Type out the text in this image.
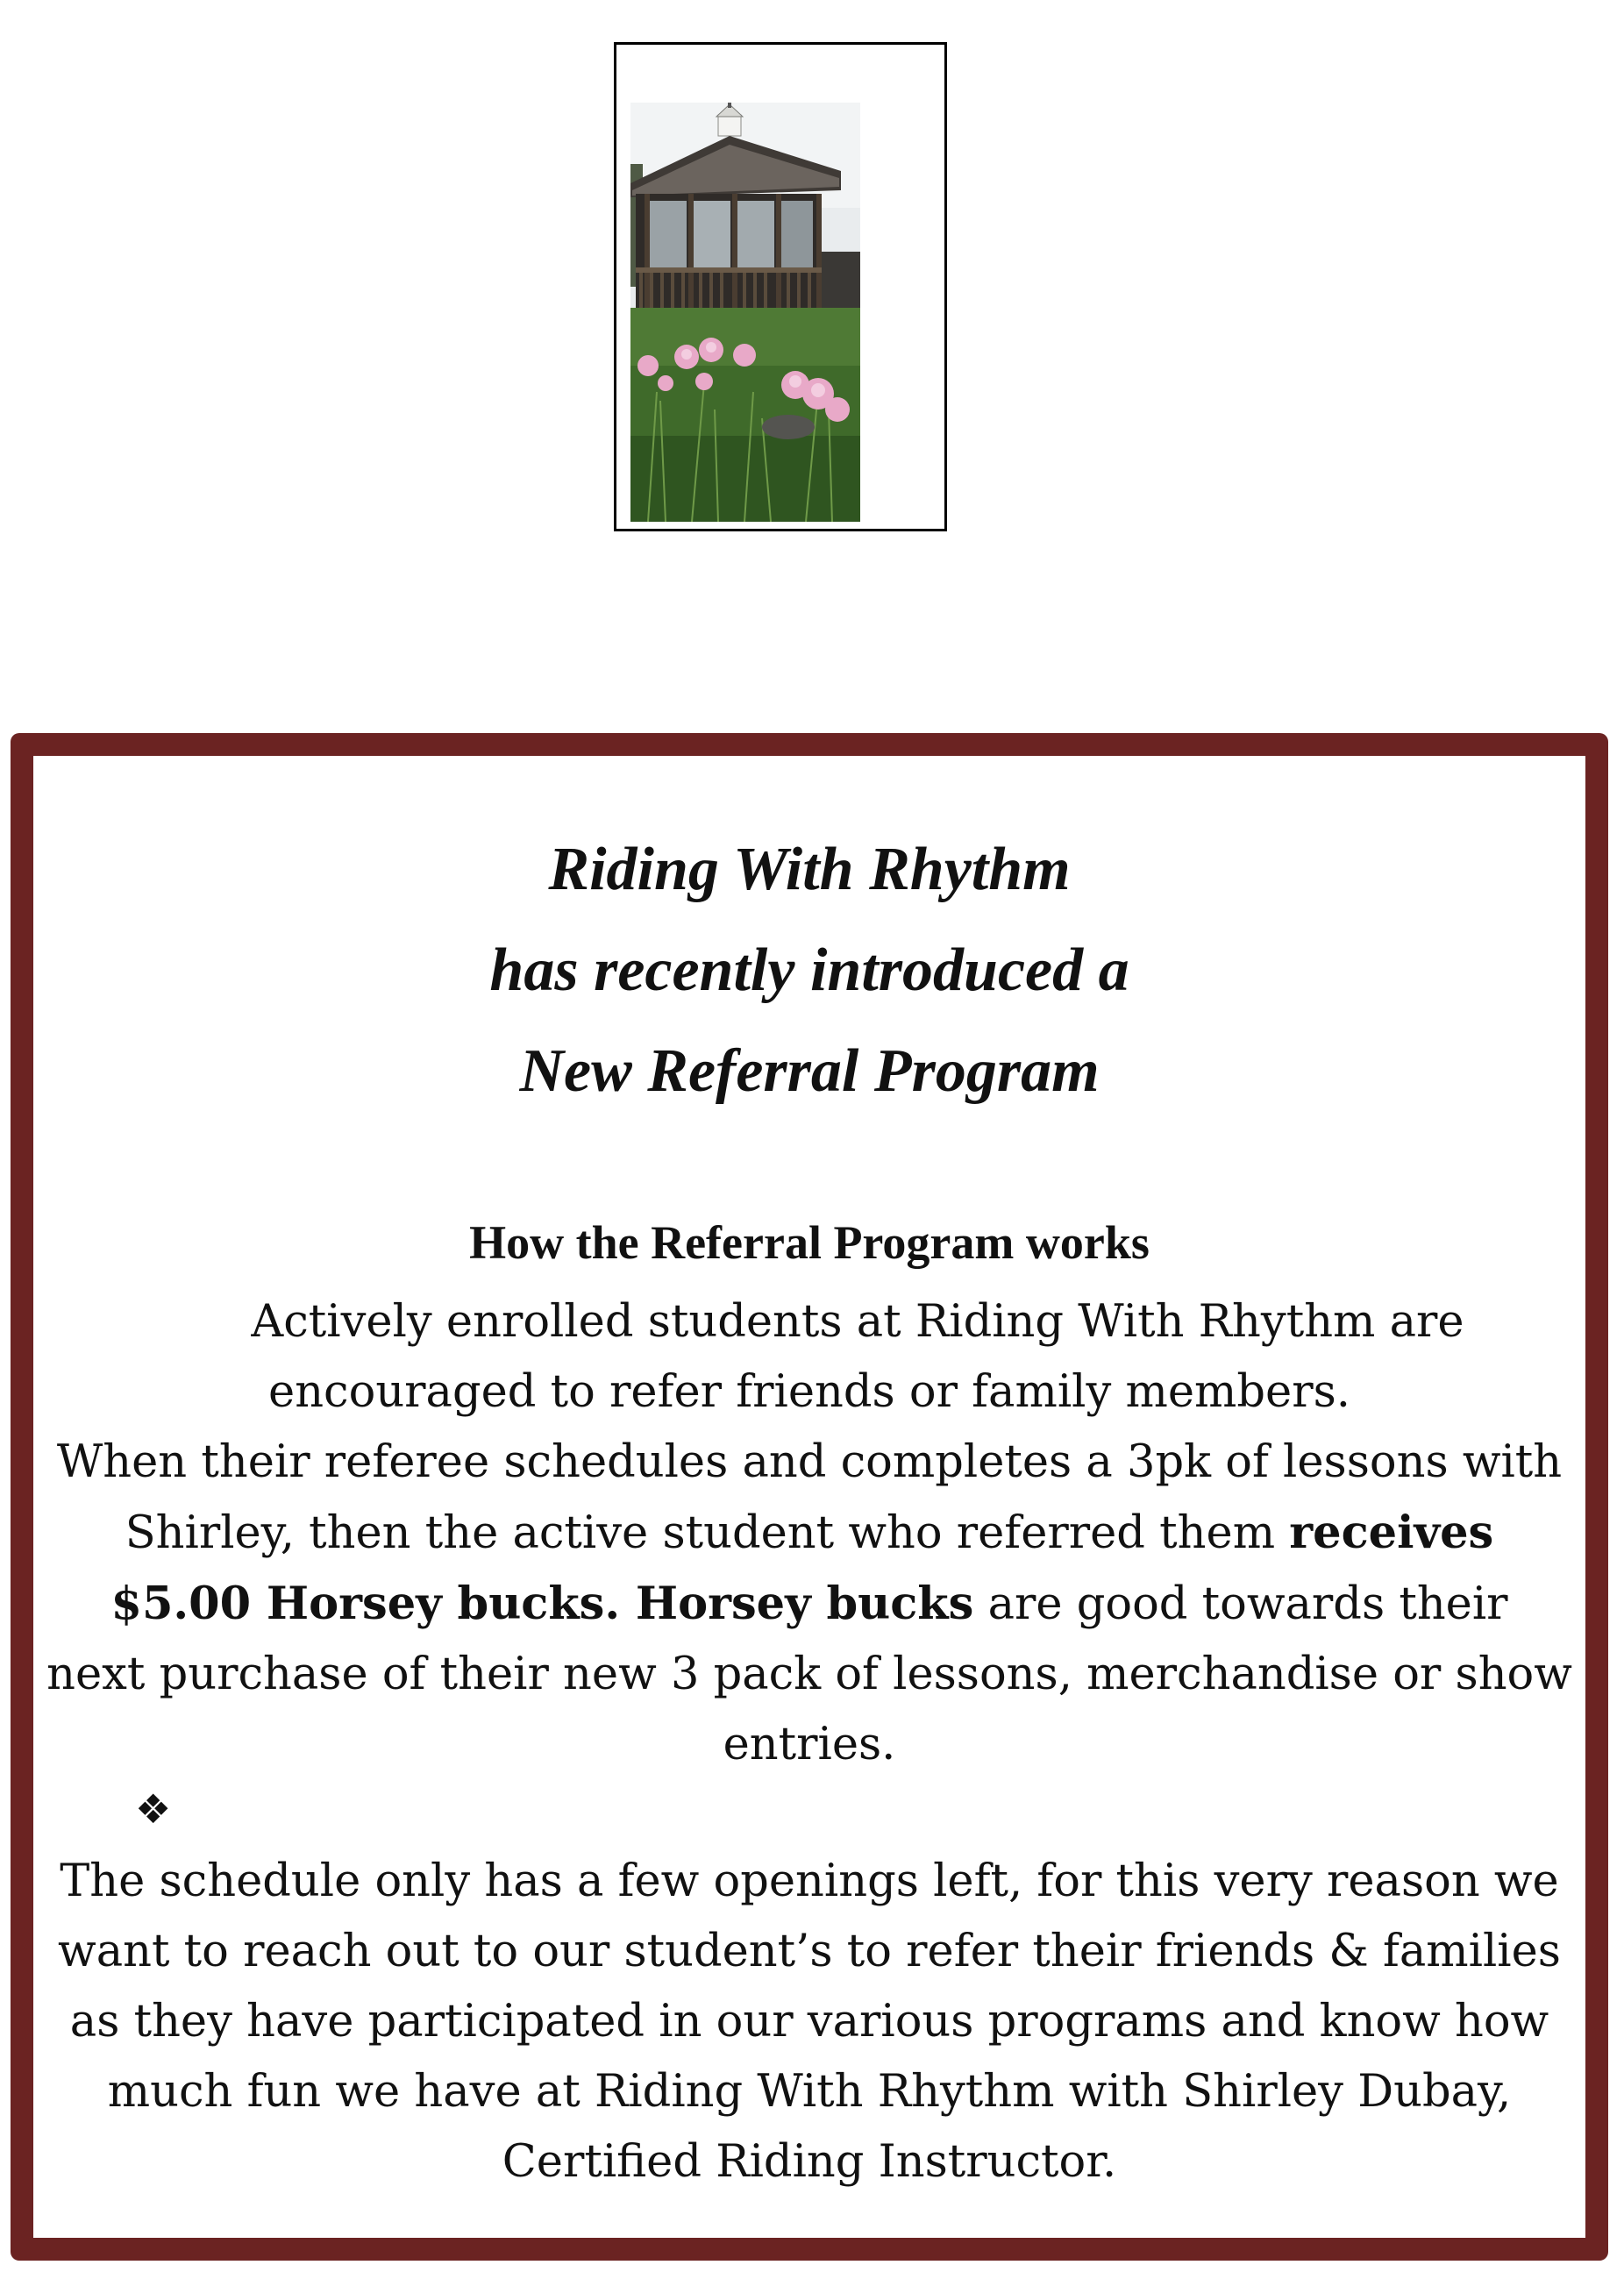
Riding With Rhythm
has recently introduced a
New Referral Program
How the Referral Program works
Actively enrolled students at Riding With Rhythm are
encouraged to refer friends or family members.
When their referee schedules and completes a 3pk of lessons with
Shirley, then the active student who referred them receives
$5.00 Horsey bucks. Horsey bucks are good towards their
next purchase of their new 3 pack of lessons, merchandise or show
entries.
❖
The schedule only has a few openings left, for this very reason we
want to reach out to our student’s to refer their friends & families
as they have participated in our various programs and know how
much fun we have at Riding With Rhythm with Shirley Dubay,
Certified Riding Instructor.
